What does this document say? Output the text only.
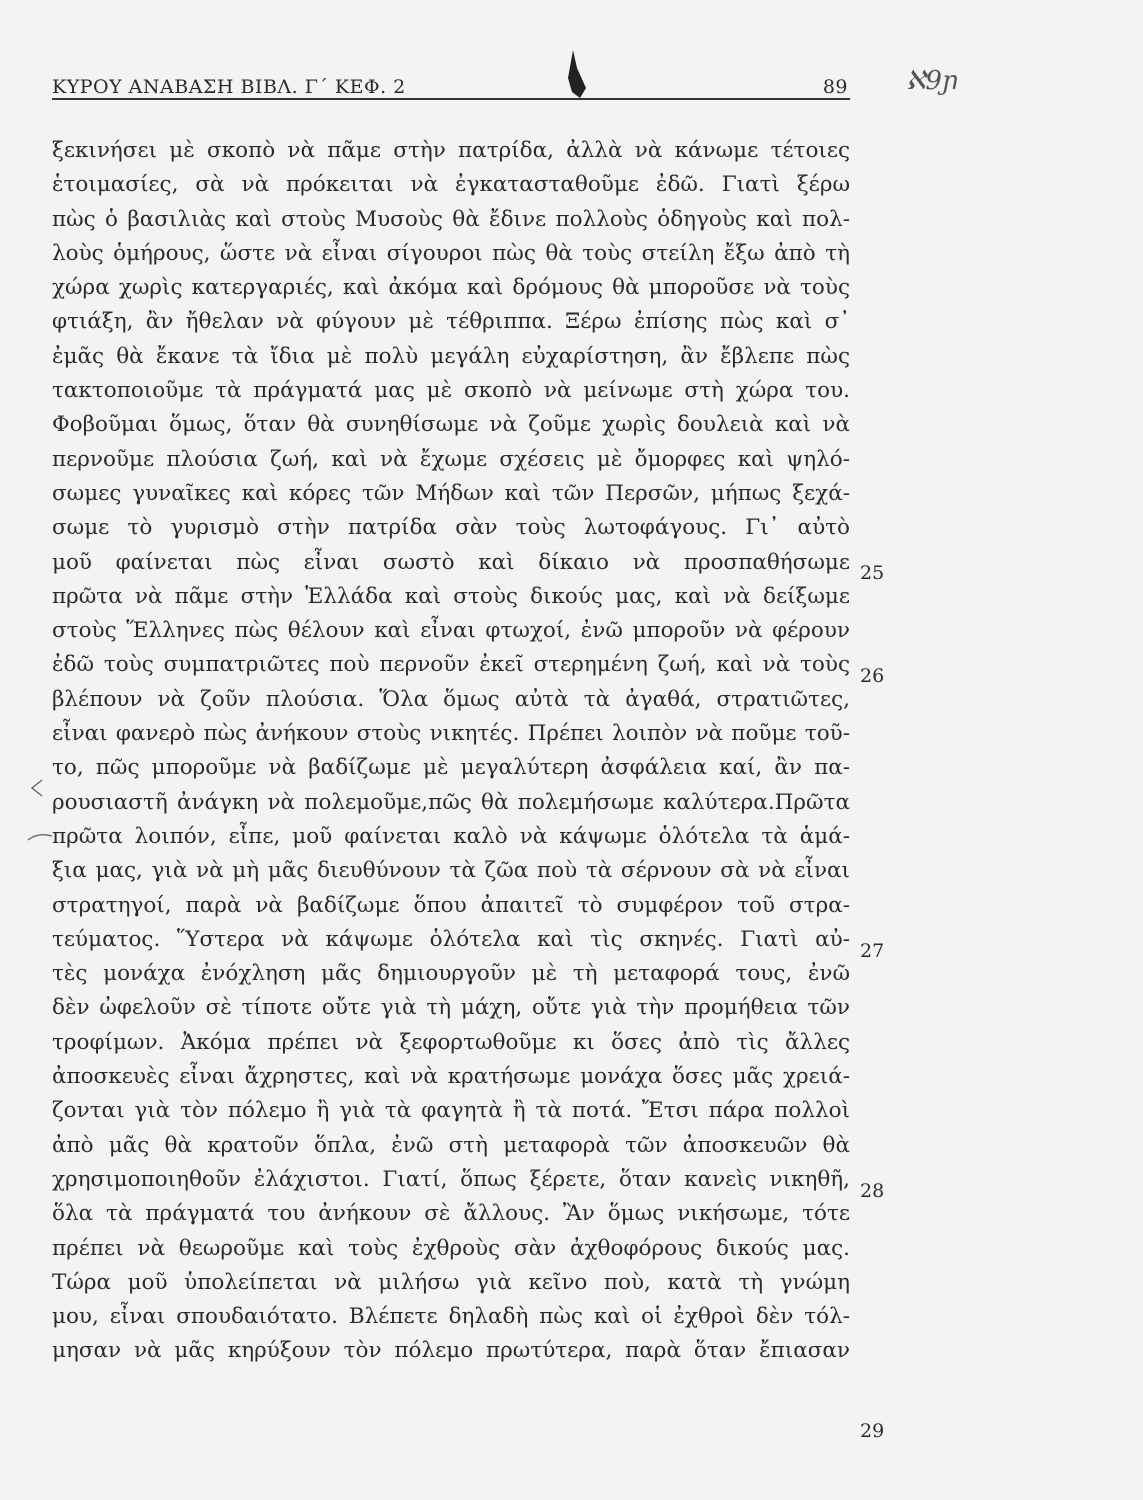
ΚΥΡΟΥ ΑΝΑΒΑΣΗ ΒΙΒΛ. Γ΄ ΚΕΦ. 2	89 ℵ9ɲ
ξεκινήσει μὲ σκοπὸ νὰ πᾶμε στὴν πατρίδα, ἀλλὰ νὰ κάνωμε τέτοιες
ἑτοιμασίες, σὰ νὰ πρόκειται νὰ ἐγκατασταθοῦμε ἐδῶ. Γιατὶ ξέρω
πὼς ὁ βασιλιὰς καὶ στοὺς Μυσοὺς θὰ ἔδινε πολλοὺς ὁδηγοὺς καὶ πολ-
λοὺς ὁμήρους, ὥστε νὰ εἶναι σίγουροι πὼς θὰ τοὺς στείλη ἔξω ἀπὸ τὴ
χώρα χωρὶς κατεργαριές, καὶ ἀκόμα καὶ δρόμους θὰ μποροῦσε νὰ τοὺς
φτιάξη, ἂν ἤθελαν νὰ φύγουν μὲ τέθριππα. Ξέρω ἐπίσης πὼς καὶ σ᾽
ἐμᾶς θὰ ἔκανε τὰ ἴδια μὲ πολὺ μεγάλη εὐχαρίστηση, ἂν ἔβλεπε πὼς
τακτοποιοῦμε τὰ πράγματά μας μὲ σκοπὸ νὰ μείνωμε στὴ χώρα του.
Φοβοῦμαι ὅμως, ὅταν θὰ συνηθίσωμε νὰ ζοῦμε χωρὶς δουλειὰ καὶ νὰ
περνοῦμε πλούσια ζωή, καὶ νὰ ἔχωμε σχέσεις μὲ ὄμορφες καὶ ψηλό-
σωμες γυναῖκες καὶ κόρες τῶν Μήδων καὶ τῶν Περσῶν, μήπως ξεχά-
σωμε τὸ γυρισμὸ στὴν πατρίδα σὰν τοὺς λωτοφάγους. Γι᾽ αὐτὸ
μοῦ φαίνεται πὼς εἶναι σωστὸ καὶ δίκαιο νὰ προσπαθήσωμε
πρῶτα νὰ πᾶμε στὴν Ἑλλάδα καὶ στοὺς δικούς μας, καὶ νὰ δείξωμε
στοὺς Ἕλληνες πὼς θέλουν καὶ εἶναι φτωχοί, ἐνῶ μποροῦν νὰ φέρουν
ἐδῶ τοὺς συμπατριῶτες ποὺ περνοῦν ἐκεῖ στερημένη ζωή, καὶ νὰ τοὺς
βλέπουν νὰ ζοῦν πλούσια. Ὅλα ὅμως αὐτὰ τὰ ἀγαθά, στρατιῶτες,
εἶναι φανερὸ πὼς ἀνήκουν στοὺς νικητές. Πρέπει λοιπὸν νὰ ποῦμε τοῦ-
το, πῶς μποροῦμε νὰ βαδίζωμε μὲ μεγαλύτερη ἀσφάλεια καί, ἂν πα-
ρουσιαστῆ ἀνάγκη νὰ πολεμοῦμε,πῶς θὰ πολεμήσωμε καλύτερα.Πρῶτα
πρῶτα λοιπόν, εἶπε, μοῦ φαίνεται καλὸ νὰ κάψωμε ὁλότελα τὰ ἁμά-
ξια μας, γιὰ νὰ μὴ μᾶς διευθύνουν τὰ ζῶα ποὺ τὰ σέρνουν σὰ νὰ εἶναι
στρατηγοί, παρὰ νὰ βαδίζωμε ὅπου ἀπαιτεῖ τὸ συμφέρον τοῦ στρα-
τεύματος. Ὕστερα νὰ κάψωμε ὁλότελα καὶ τὶς σκηνές. Γιατὶ αὐ-
τὲς μονάχα ἐνόχληση μᾶς δημιουργοῦν μὲ τὴ μεταφορά τους, ἐνῶ
δὲν ὠφελοῦν σὲ τίποτε οὔτε γιὰ τὴ μάχη, οὔτε γιὰ τὴν προμήθεια τῶν
τροφίμων. Ἀκόμα πρέπει νὰ ξεφορτωθοῦμε κι ὅσες ἀπὸ τὶς ἄλλες
ἀποσκευὲς εἶναι ἄχρηστες, καὶ νὰ κρατήσωμε μονάχα ὅσες μᾶς χρειά-
ζονται γιὰ τὸν πόλεμο ἢ γιὰ τὰ φαγητὰ ἢ τὰ ποτά. Ἔτσι πάρα πολλοὶ
ἀπὸ μᾶς θὰ κρατοῦν ὅπλα, ἐνῶ στὴ μεταφορὰ τῶν ἀποσκευῶν θὰ
χρησιμοποιηθοῦν ἐλάχιστοι. Γιατί, ὅπως ξέρετε, ὅταν κανεὶς νικηθῆ,
ὅλα τὰ πράγματά του ἀνήκουν σὲ ἄλλους. Ἂν ὅμως νικήσωμε, τότε
πρέπει νὰ θεωροῦμε καὶ τοὺς ἐχθροὺς σὰν ἀχθοφόρους δικούς μας.
Τώρα μοῦ ὑπολείπεται νὰ μιλήσω γιὰ κεῖνο ποὺ, κατὰ τὴ γνώμη
μου, εἶναι σπουδαιότατο. Βλέπετε δηλαδὴ πὼς καὶ οἱ ἐχθροὶ δὲν τόλ-
μησαν νὰ μᾶς κηρύξουν τὸν πόλεμο πρωτύτερα, παρὰ ὅταν ἔπιασαν
25
26
27
28
29
